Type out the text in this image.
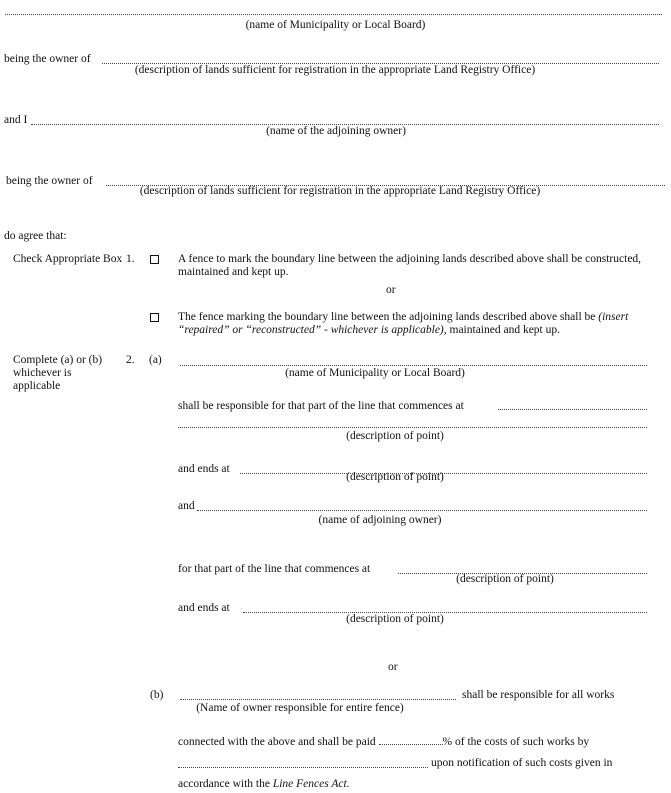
(name of Municipality or Local Board)
being the owner of
(description of lands sufficient for registration in the appropriate Land Registry Office)
and I
(name of the adjoining owner)
being the owner of
(description of lands sufficient for registration in the appropriate Land Registry Office)
do agree that:
Check Appropriate Box 1.	A fence to mark the boundary line between the adjoining lands described above shall be constructed, maintained and kept up.
or
The fence marking the boundary line between the adjoining lands described above shall be (insert “repaired” or “reconstructed” - whichever is applicable), maintained and kept up.
Complete (a) or (b) whichever is applicable
2. (a)
(name of Municipality or Local Board)
shall be responsible for that part of the line that commences at
(description of point)
and ends at
(description of point)
and
(name of adjoining owner)
for that part of the line that commences at
(description of point)
and ends at
(description of point)
or
(b)	shall be responsible for all works
(Name of owner responsible for entire fence)
connected with the above and shall be paid	% of the costs of such works by
upon notification of such costs given in
accordance with the Line Fences Act.
